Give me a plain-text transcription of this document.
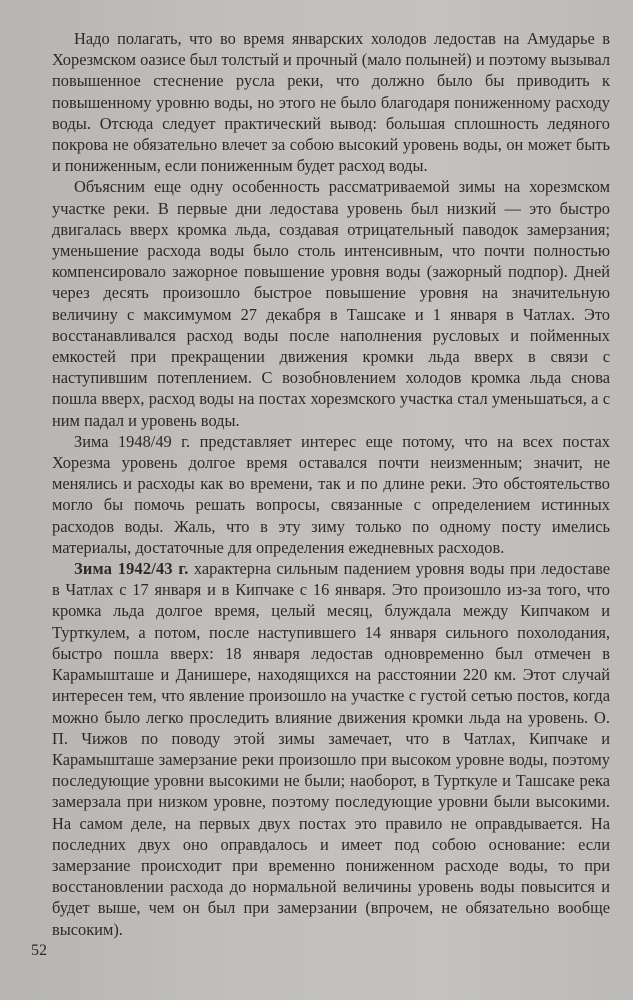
Надо полагать, что во время январских холодов ледостав на Амударье в Хорезмском оазисе был толстый и прочный (мало полыней) и поэтому вызывал повышенное стеснение русла реки, что должно было бы приводить к повышенному уровню воды, но этого не было благодаря пониженному расходу воды. Отсюда следует практический вывод: большая сплошность ледяного покрова не обязательно влечет за собою высокий уровень воды, он может быть и пониженным, если пониженным будет расход воды.

Объясним еще одну особенность рассматриваемой зимы на хорезмском участке реки. В первые дни ледостава уровень был низкий — это быстро двигалась вверх кромка льда, создавая отрицательный паводок замерзания; уменьшение расхода воды было столь интенсивным, что почти полностью компенсировало зажорное повышение уровня воды (зажорный подпор). Дней через десять произошло быстрое повышение уровня на значительную величину с максимумом 27 декабря в Ташсаке и 1 января в Чатлах. Это восстанавливался расход воды после наполнения русловых и пойменных емкостей при прекращении движения кромки льда вверх в связи с наступившим потеплением. С возобновлением холодов кромка льда снова пошла вверх, расход воды на постах хорезмского участка стал уменьшаться, а с ним падал и уровень воды.

Зима 1948/49 г. представляет интерес еще потому, что на всех постах Хорезма уровень долгое время оставался почти неизменным; значит, не менялись и расходы как во времени, так и по длине реки. Это обстоятельство могло бы помочь решать вопросы, связанные с определением истинных расходов воды. Жаль, что в эту зиму только по одному посту имелись материалы, достаточные для определения ежедневных расходов.

Зима 1942/43 г. характерна сильным падением уровня воды при ледоставе в Чатлах с 17 января и в Кипчаке с 16 января. Это произошло из-за того, что кромка льда долгое время, целый месяц, блуждала между Кипчаком и Турткулем, а потом, после наступившего 14 января сильного похолодания, быстро пошла вверх: 18 января ледостав одновременно был отмечен в Карамышташе и Данишере, находящихся на расстоянии 220 км. Этот случай интересен тем, что явление произошло на участке с густой сетью постов, когда можно было легко проследить влияние движения кромки льда на уровень. О. П. Чижов по поводу этой зимы замечает, что в Чатлах, Кипчаке и Карамышташе замерзание реки произошло при высоком уровне воды, поэтому последующие уровни высокими не были; наоборот, в Турткуле и Ташсаке река замерзала при низком уровне, поэтому последующие уровни были высокими. На самом деле, на первых двух постах это правило не оправдывается. На последних двух оно оправдалось и имеет под собою основание: если замерзание происходит при временно пониженном расходе воды, то при восстановлении расхода до нормальной величины уровень воды повысится и будет выше, чем он был при замерзании (впрочем, не обязательно вообще высоким).

52
